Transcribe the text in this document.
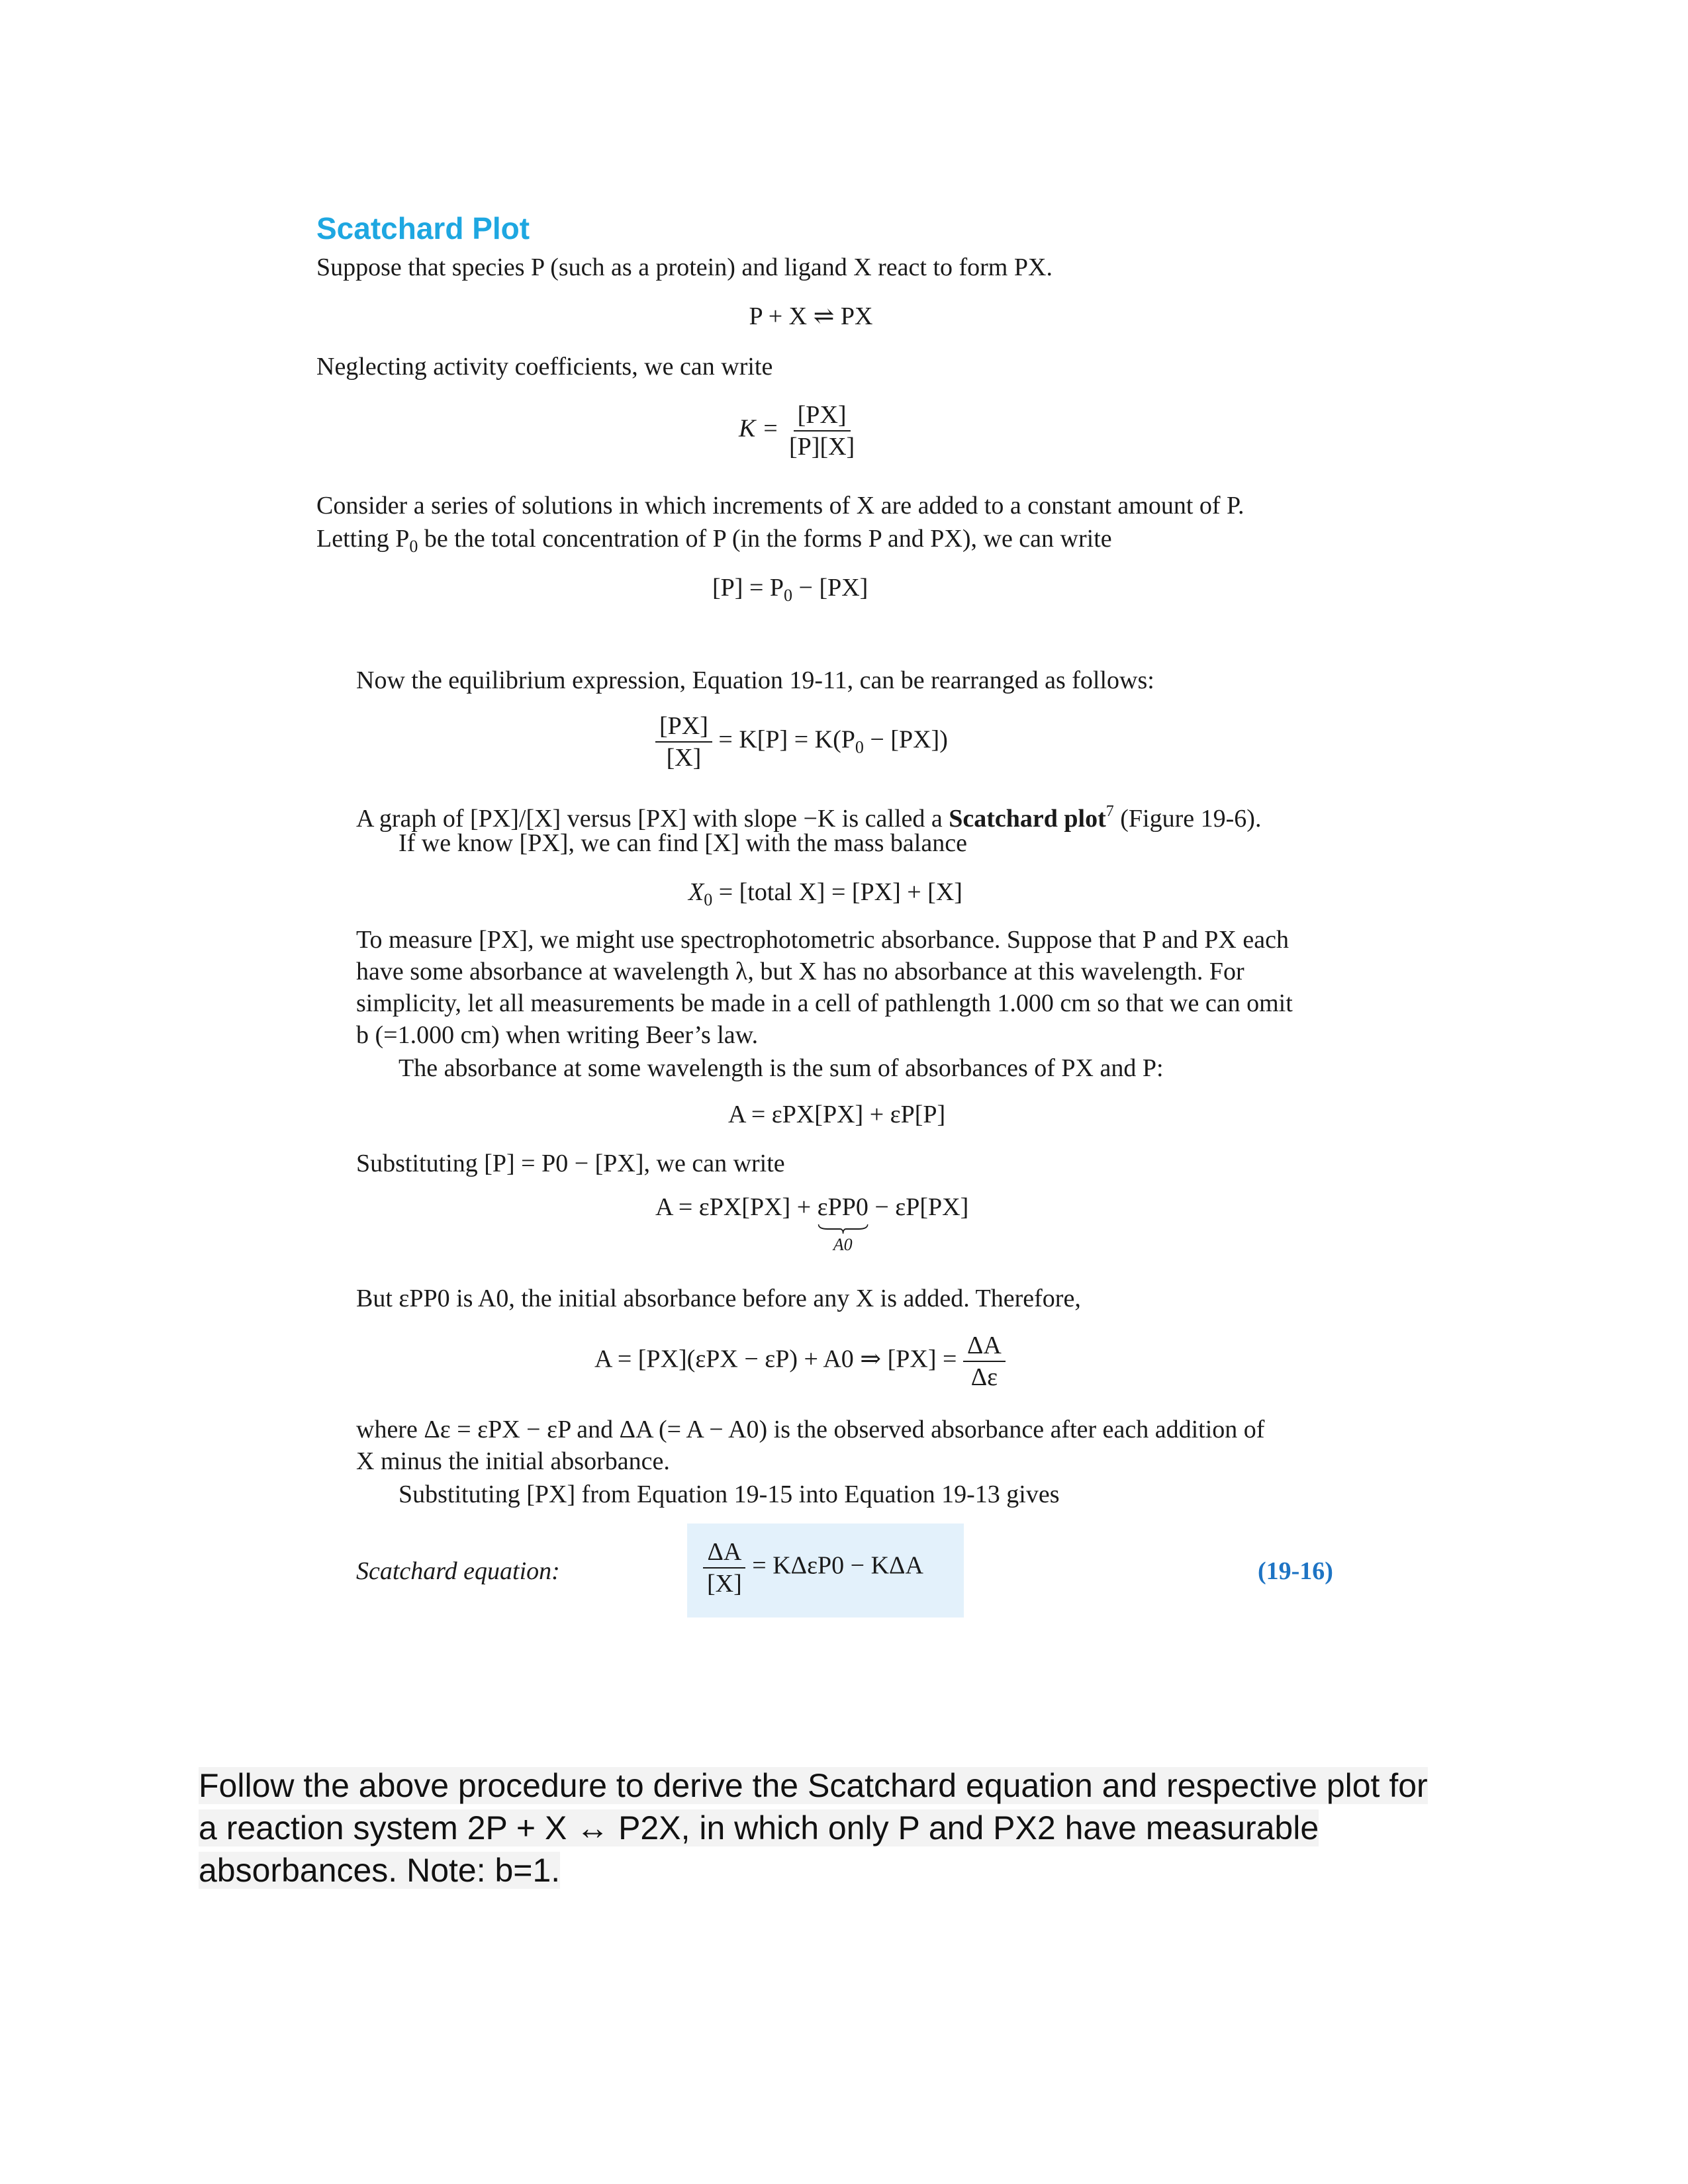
Scatchard Plot
Suppose that species P (such as a protein) and ligand X react to form PX.
P + X ⇌ PX
Neglecting activity coefficients, we can write
$K = \frac{[PX]}{[P][X]}$
Consider a series of solutions in which increments of X are added to a constant amount of P.
Letting $P_0$ be the total concentration of P (in the forms P and PX), we can write
$[P] = P_0 - [PX]$
Now the equilibrium expression, Equation 19-11, can be rearranged as follows:
$\frac{[PX]}{[X]} = K[P] = K(P_0 - [PX])$
A graph of [PX]/[X] versus [PX] with slope −K is called a Scatchard plot$^7$ (Figure 19-6).
If we know [PX], we can find [X] with the mass balance
$X_0$ = [total X] = [PX] + [X]
To measure [PX], we might use spectrophotometric absorbance. Suppose that P and PX each
have some absorbance at wavelength λ, but X has no absorbance at this wavelength. For
simplicity, let all measurements be made in a cell of pathlength 1.000 cm so that we can omit
b (=1.000 cm) when writing Beer’s law.
The absorbance at some wavelength is the sum of absorbances of PX and P:
A = εPX[PX] + εP[P]
Substituting [P] = P0 − [PX], we can write
A = εPX[PX] + εPP0
A0
− εP[PX]
But εPP0 is A0, the initial absorbance before any X is added. Therefore,
A = [PX](εPX − εP) + A0 ⇒ $[PX] = \frac{\Delta A}{\Delta\varepsilon}$
where Δε = εPX − εP and ΔA (= A − A0) is the observed absorbance after each addition of
X minus the initial absorbance.
Substituting [PX] from Equation 19-15 into Equation 19-13 gives
Scatchard equation:	$\frac{\Delta A}{[X]} = K\Delta\varepsilon P0 - K\Delta A$	(19-16)
Follow the above procedure to derive the Scatchard equation and respective plot for
a reaction system 2P + X ↔ P2X, in which only P and PX2 have measurable
absorbances. Note: b=1.
